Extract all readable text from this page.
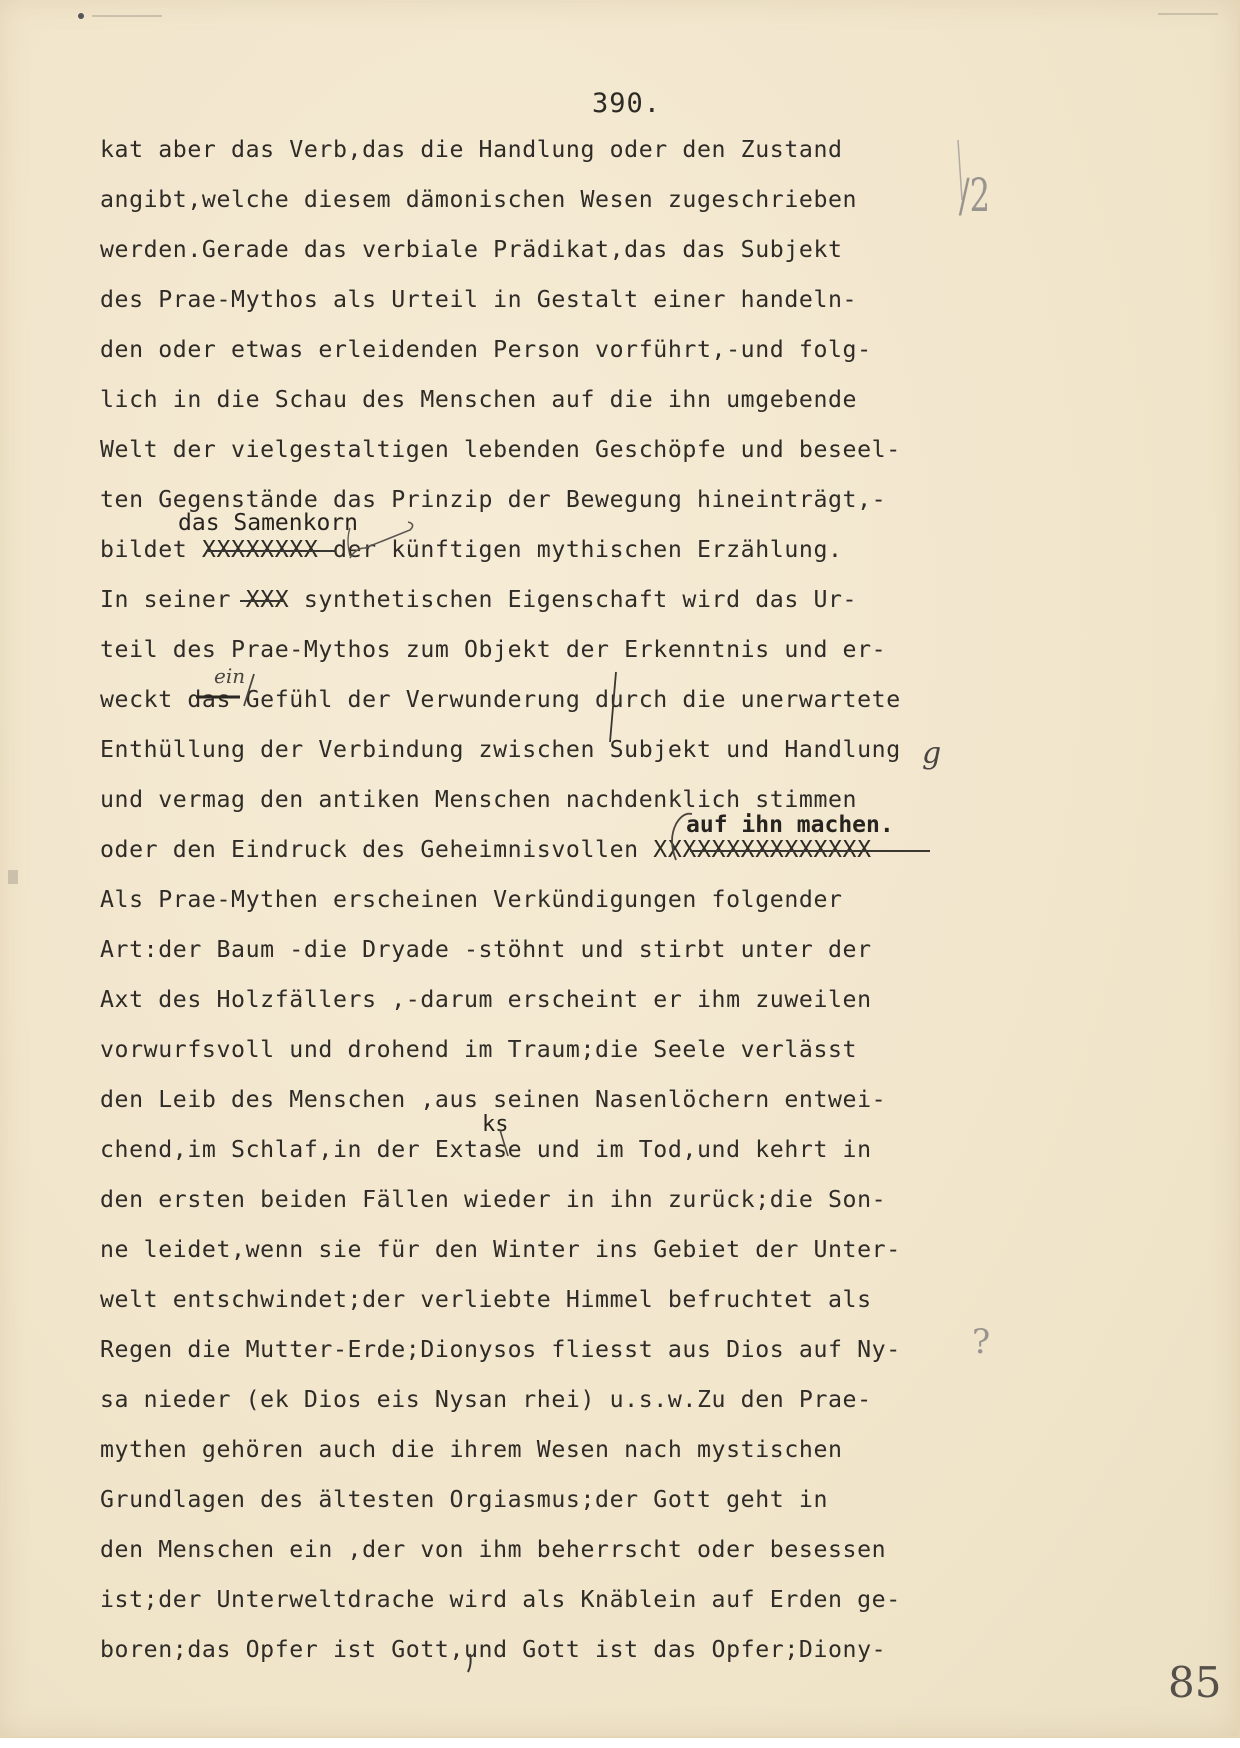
390.
kat aber das Verb,das die Handlung oder den Zustand
angibt,welche diesem dämonischen Wesen zugeschrieben
werden.Gerade das verbiale Prädikat,das das Subjekt
des Prae-Mythos als Urteil in Gestalt einer handeln-
den oder etwas erleidenden Person vorführt,-und folg-
lich in die Schau des Menschen auf die ihn umgebende
Welt der vielgestaltigen lebenden Geschöpfe und beseel-
ten Gegenstände das Prinzip der Bewegung hineinträgt,-
bildet XXXXXXXX der künftigen mythischen Erzählung.
In seiner XXX synthetischen Eigenschaft wird das Ur-
teil des Prae-Mythos zum Objekt der Erkenntnis und er-
weckt das Gefühl der Verwunderung durch die unerwartete
Enthüllung der Verbindung zwischen Subjekt und Handlung
und vermag den antiken Menschen nachdenklich stimmen
oder den Eindruck des Geheimnisvollen XXXXXXXXXXXXXXX
Als Prae-Mythen erscheinen Verkündigungen folgender
Art:der Baum -die Dryade -stöhnt und stirbt unter der
Axt des Holzfällers ,-darum erscheint er ihm zuweilen
vorwurfsvoll und drohend im Traum;die Seele verlässt
den Leib des Menschen ,aus seinen Nasenlöchern entwei-
chend,im Schlaf,in der Extase und im Tod,und kehrt in
den ersten beiden Fällen wieder in ihn zurück;die Son-
ne leidet,wenn sie für den Winter ins Gebiet der Unter-
welt entschwindet;der verliebte Himmel befruchtet als
Regen die Mutter-Erde;Dionysos fliesst aus Dios auf Ny-
sa nieder (ek Dios eis Nysan rhei) u.s.w.Zu den Prae-
mythen gehören auch die ihrem Wesen nach mystischen
Grundlagen des ältesten Orgiasmus;der Gott geht in
den Menschen ein ,der von ihm beherrscht oder besessen
ist;der Unterweltdrache wird als Knäblein auf Erden ge-
boren;das Opfer ist Gott,und Gott ist das Opfer;Diony-
das Samenkorn
ein
g
auf ihn machen.
ks
/2
?
85
